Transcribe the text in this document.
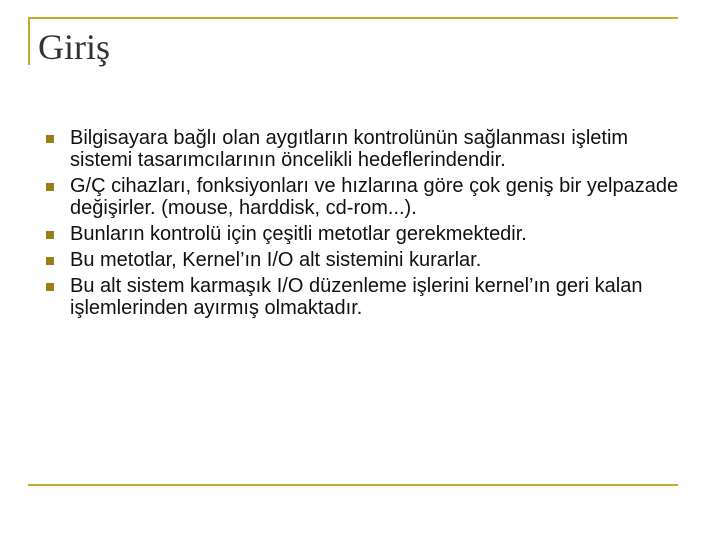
Giriş
Bilgisayara bağlı olan aygıtların kontrolünün sağlanması işletim sistemi tasarımcılarının öncelikli hedeflerindendir.
G/Ç cihazları, fonksiyonları ve hızlarına göre çok geniş bir yelpazade değişirler. (mouse, harddisk, cd-rom...).
Bunların kontrolü için çeşitli metotlar gerekmektedir.
Bu metotlar, Kernel’ın I/O alt sistemini kurarlar.
Bu alt sistem karmaşık I/O düzenleme işlerini kernel’ın geri kalan işlemlerinden ayırmış olmaktadır.
